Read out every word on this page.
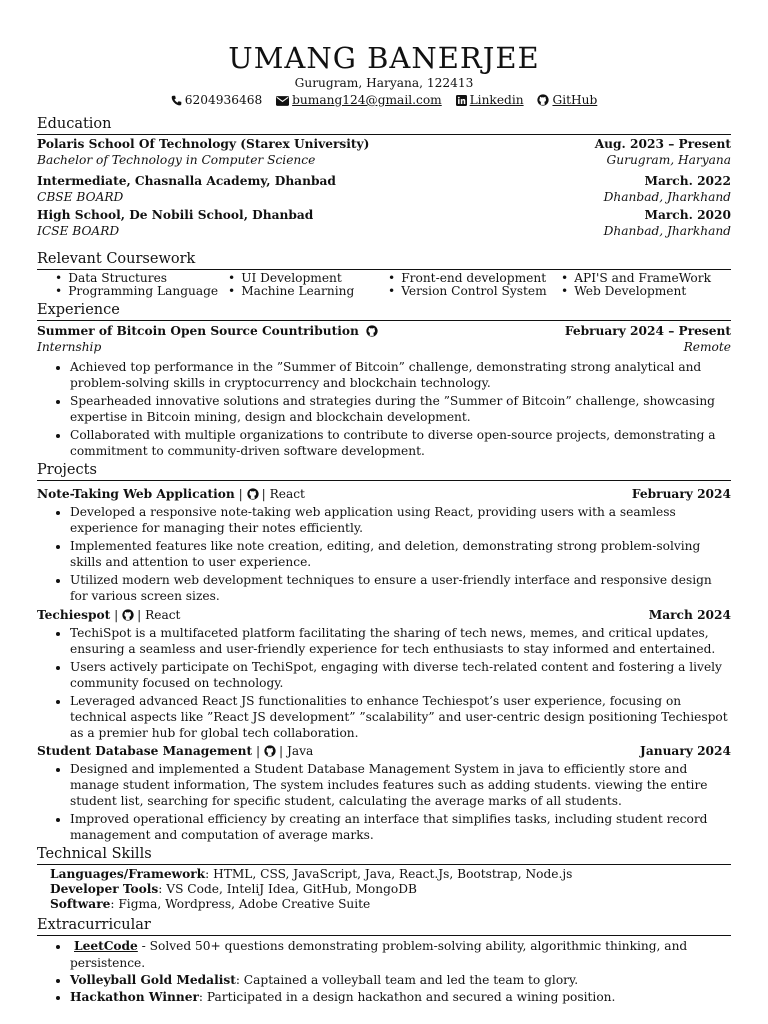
UMANG BANERJEE
Gurugram, Haryana, 122413
6204936468 bumang124@gmail.com Linkedin GitHub
Education
Polaris School Of Technology (Starex University)	Aug. 2023 – Present
Bachelor of Technology in Computer Science	Gurugram, Haryana
Intermediate, Chasnalla Academy, Dhanbad	March. 2022
CBSE BOARD	Dhanbad, Jharkhand
High School, De Nobili School, Dhanbad	March. 2020
ICSE BOARD	Dhanbad, Jharkhand
Relevant Coursework
• Data Structures
• Programming Language
• UI Development
• Machine Learning
• Front-end development
• Version Control System
• API'S and FrameWork
• Web Development
Experience
Summer of Bitcoin Open Source Countribution	February 2024 – Present
Internship	Remote
• Achieved top performance in the ”Summer of Bitcoin” challenge, demonstrating strong analytical and problem-solving skills in cryptocurrency and blockchain technology.
• Spearheaded innovative solutions and strategies during the ”Summer of Bitcoin” challenge, showcasing expertise in Bitcoin mining, design and blockchain development.
• Collaborated with multiple organizations to contribute to diverse open-source projects, demonstrating a commitment to community-driven software development.
Projects
Note-Taking Web Application | | React	February 2024
• Developed a responsive note-taking web application using React, providing users with a seamless experience for managing their notes efficiently.
• Implemented features like note creation, editing, and deletion, demonstrating strong problem-solving skills and attention to user experience.
• Utilized modern web development techniques to ensure a user-friendly interface and responsive design for various screen sizes.
Techiespot | | React	March 2024
• TechiSpot is a multifaceted platform facilitating the sharing of tech news, memes, and critical updates, ensuring a seamless and user-friendly experience for tech enthusiasts to stay informed and entertained.
• Users actively participate on TechiSpot, engaging with diverse tech-related content and fostering a lively community focused on technology.
• Leveraged advanced React JS functionalities to enhance Techiespot’s user experience, focusing on technical aspects like ”React JS development” ”scalability” and user-centric design positioning Techiespot as a premier hub for global tech collaboration.
Student Database Management | | Java	January 2024
• Designed and implemented a Student Database Management System in java to efficiently store and manage student information, The system includes features such as adding students. viewing the entire student list, searching for specific student, calculating the average marks of all students.
• Improved operational efficiency by creating an interface that simplifies tasks, including student record management and computation of average marks.
Technical Skills
Languages/Framework: HTML, CSS, JavaScript, Java, React.Js, Bootstrap, Node.js
Developer Tools: VS Code, InteliJ Idea, GitHub, MongoDB
Software: Figma, Wordpress, Adobe Creative Suite
Extracurricular
• LeetCode - Solved 50+ questions demonstrating problem-solving ability, algorithmic thinking, and persistence.
• Volleyball Gold Medalist: Captained a volleyball team and led the team to glory.
• Hackathon Winner: Participated in a design hackathon and secured a wining position.
